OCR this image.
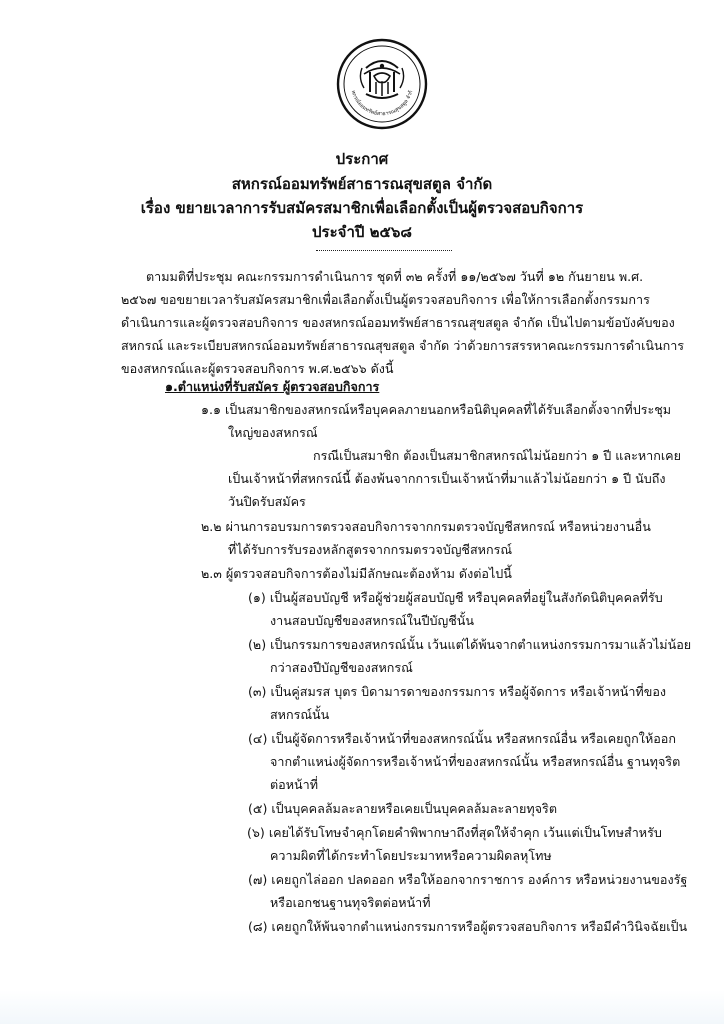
หกรณ์ออมทรัพย์สาธารณสุขสตูล จำกั
ประกาศ
สหกรณ์ออมทรัพย์สาธารณสุขสตูล จำกัด
เรื่อง ขยายเวลาการรับสมัครสมาชิกเพื่อเลือกตั้งเป็นผู้ตรวจสอบกิจการ
ประจำปี ๒๕๖๘
ตามมติที่ประชุม คณะกรรมการดำเนินการ ชุดที่ ๓๒ ครั้งที่ ๑๑/๒๕๖๗ วันที่ ๑๒ กันยายน พ.ศ.
๒๕๖๗ ขอขยายเวลารับสมัครสมาชิกเพื่อเลือกตั้งเป็นผู้ตรวจสอบกิจการ เพื่อให้การเลือกตั้งกรรมการ
ดำเนินการและผู้ตรวจสอบกิจการ ของสหกรณ์ออมทรัพย์สาธารณสุขสตูล จำกัด เป็นไปตามข้อบังคับของ
สหกรณ์ และระเบียบสหกรณ์ออมทรัพย์สาธารณสุขสตูล จำกัด ว่าด้วยการสรรหาคณะกรรมการดำเนินการ
ของสหกรณ์และผู้ตรวจสอบกิจการ พ.ศ.๒๕๖๖ ดังนี้
๑.ตำแหน่งที่รับสมัคร ผู้ตรวจสอบกิจการ
๑.๑ เป็นสมาชิกของสหกรณ์หรือบุคคลภายนอกหรือนิติบุคคลที่ได้รับเลือกตั้งจากที่ประชุม
ใหญ่ของสหกรณ์
กรณีเป็นสมาชิก ต้องเป็นสมาชิกสหกรณ์ไม่น้อยกว่า ๑ ปี และหากเคย
เป็นเจ้าหน้าที่สหกรณ์นี้ ต้องพ้นจากการเป็นเจ้าหน้าที่มาแล้วไม่น้อยกว่า ๑ ปี นับถึง
วันปิดรับสมัคร
๒.๒ ผ่านการอบรมการตรวจสอบกิจการจากกรมตรวจบัญชีสหกรณ์ หรือหน่วยงานอื่น
ที่ได้รับการรับรองหลักสูตรจากกรมตรวจบัญชีสหกรณ์
๒.๓ ผู้ตรวจสอบกิจการต้องไม่มีลักษณะต้องห้าม ดังต่อไปนี้
(๑) เป็นผู้สอบบัญชี หรือผู้ช่วยผู้สอบบัญชี หรือบุคคลที่อยู่ในสังกัดนิติบุคคลที่รับ
งานสอบบัญชีของสหกรณ์ในปีบัญชีนั้น
(๒) เป็นกรรมการของสหกรณ์นั้น เว้นแต่ได้พ้นจากตำแหน่งกรรมการมาแล้วไม่น้อย
กว่าสองปีบัญชีของสหกรณ์
(๓) เป็นคู่สมรส บุตร บิดามารดาของกรรมการ หรือผู้จัดการ หรือเจ้าหน้าที่ของ
สหกรณ์นั้น
(๔) เป็นผู้จัดการหรือเจ้าหน้าที่ของสหกรณ์นั้น หรือสหกรณ์อื่น หรือเคยถูกให้ออก
จากตำแหน่งผู้จัดการหรือเจ้าหน้าที่ของสหกรณ์นั้น หรือสหกรณ์อื่น ฐานทุจริต
ต่อหน้าที่
(๕) เป็นบุคคลล้มละลายหรือเคยเป็นบุคคลล้มละลายทุจริต
(๖) เคยได้รับโทษจำคุกโดยคำพิพากษาถึงที่สุดให้จำคุก เว้นแต่เป็นโทษสำหรับ
ความผิดที่ได้กระทำโดยประมาทหรือความผิดลหุโทษ
(๗) เคยถูกไล่ออก ปลดออก หรือให้ออกจากราชการ องค์การ หรือหน่วยงานของรัฐ
หรือเอกชนฐานทุจริตต่อหน้าที่
(๘) เคยถูกให้พ้นจากตำแหน่งกรรมการหรือผู้ตรวจสอบกิจการ หรือมีคำวินิจฉัยเป็น
